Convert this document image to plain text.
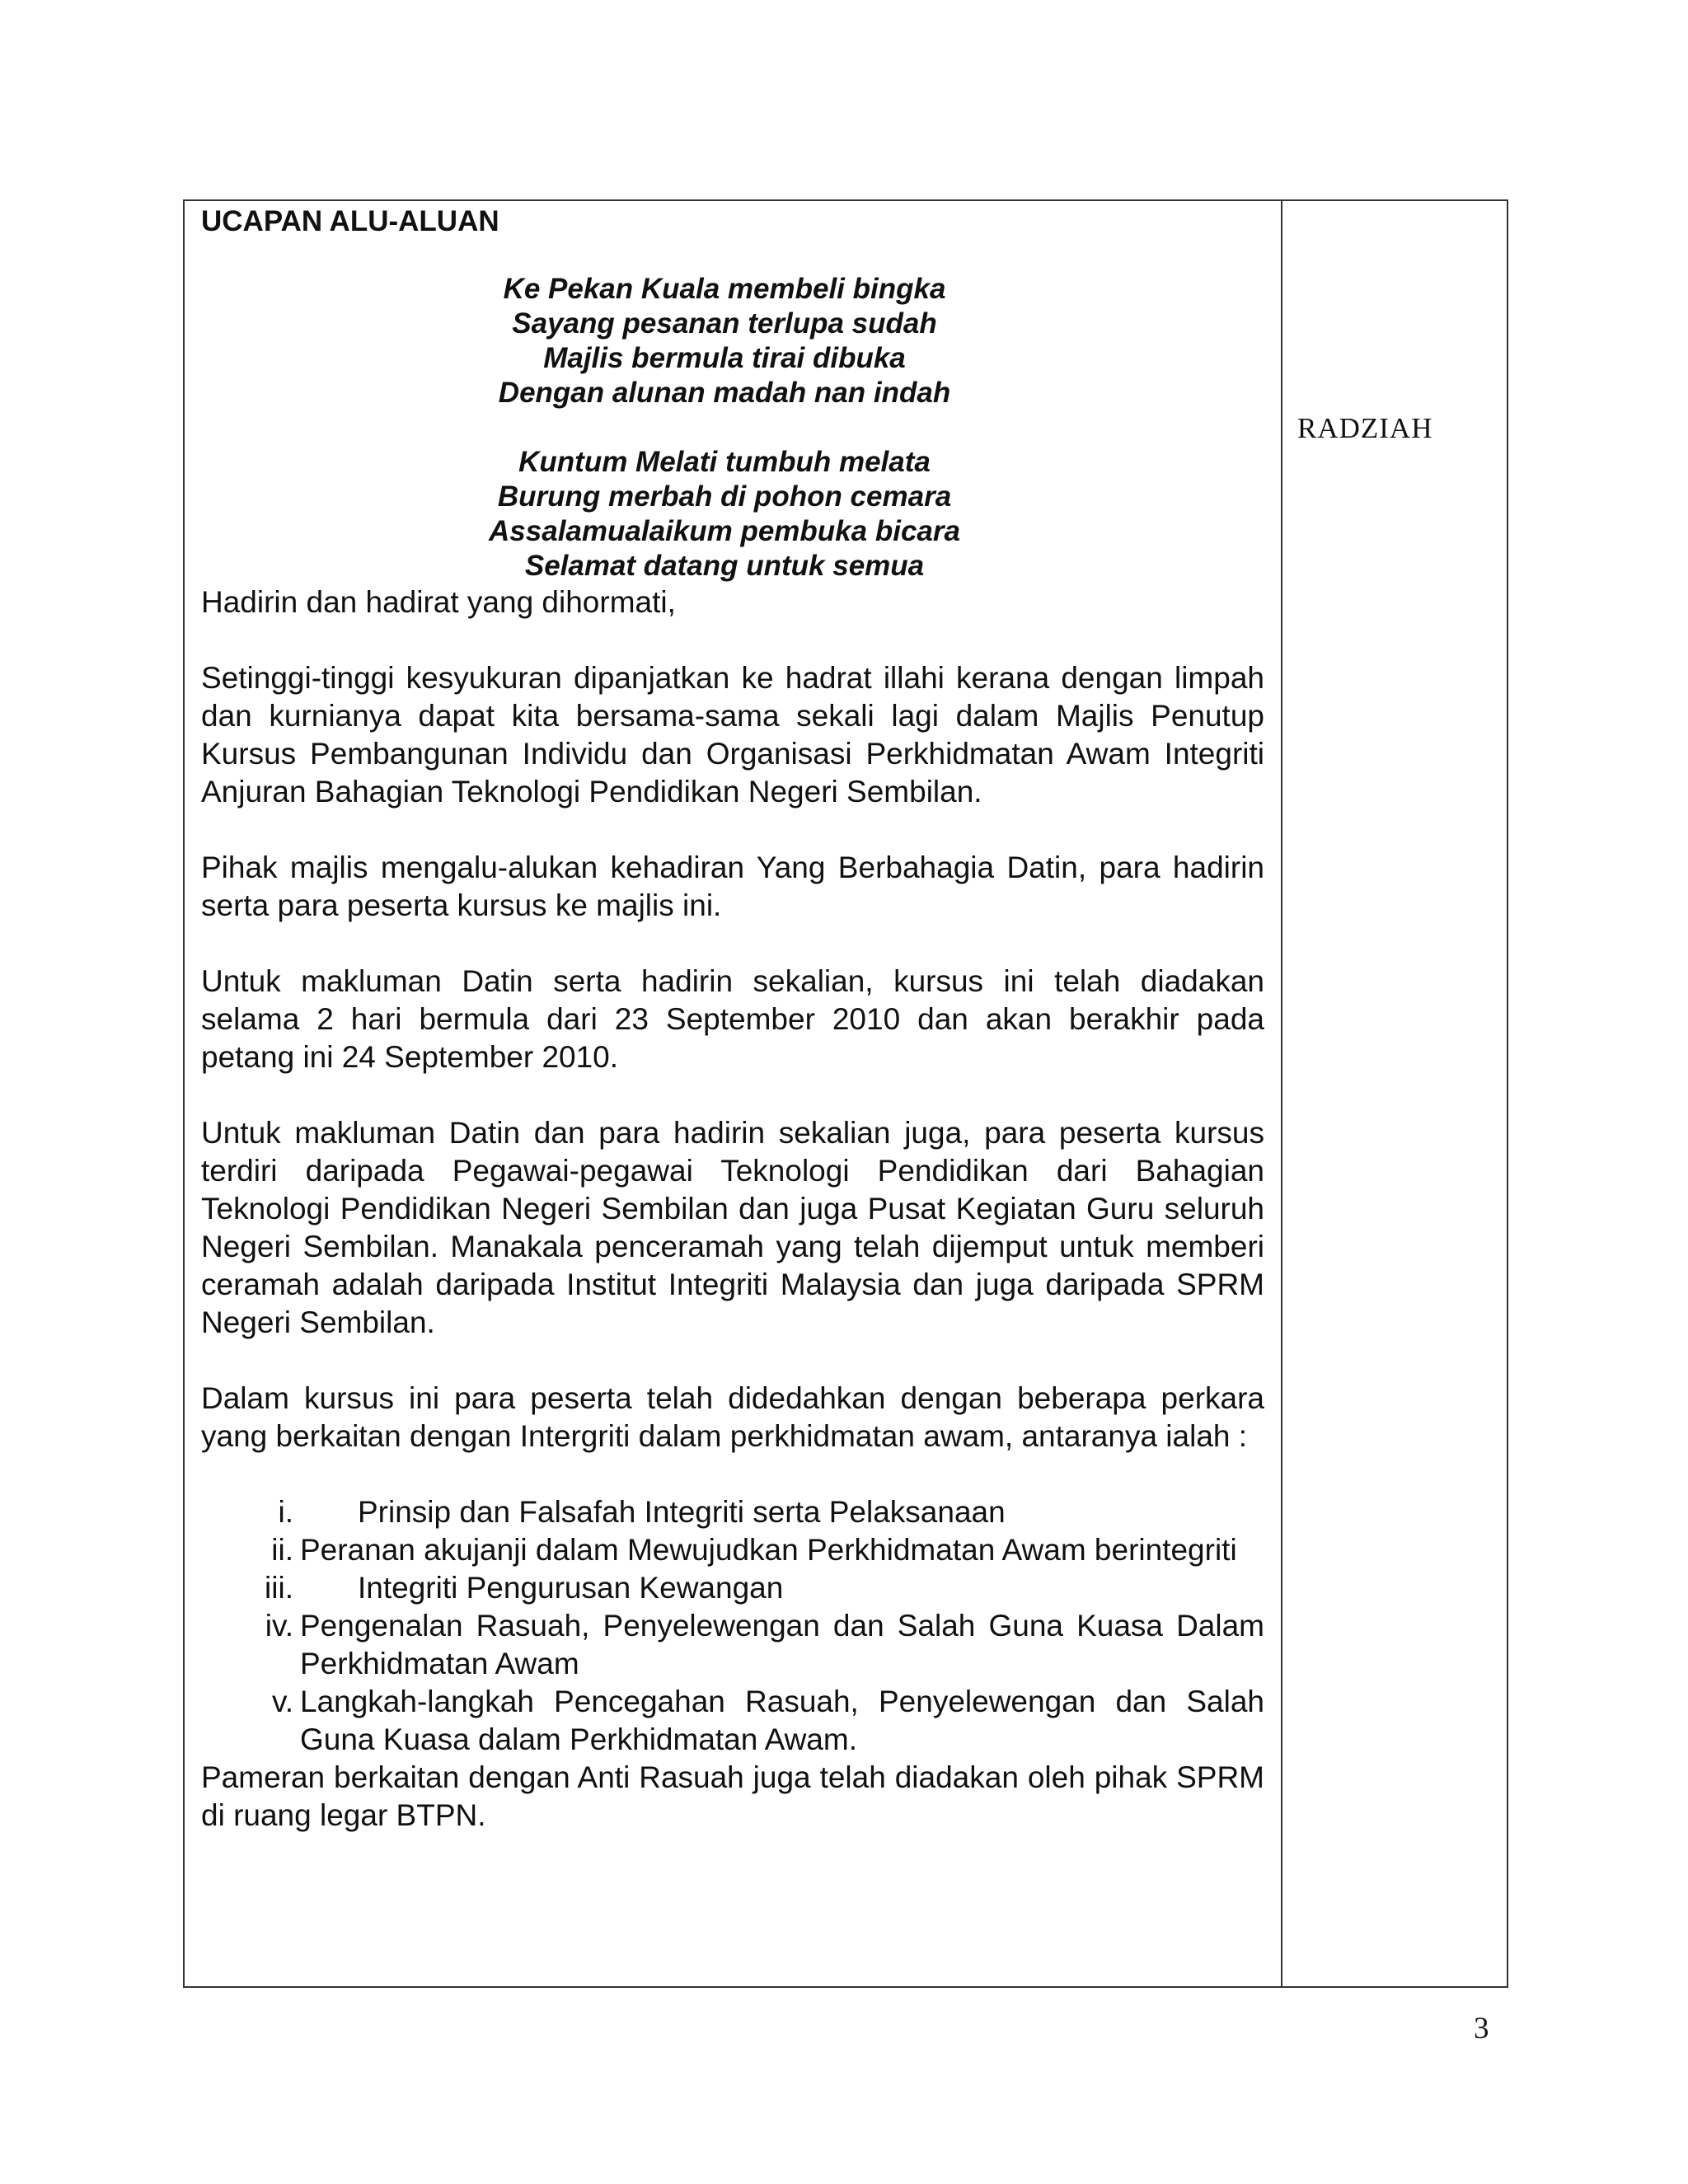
UCAPAN ALU-ALUAN
Ke Pekan Kuala membeli bingka
Sayang pesanan terlupa sudah
Majlis bermula tirai dibuka
Dengan alunan madah nan indah
Kuntum Melati tumbuh melata
Burung merbah di pohon cemara
Assalamualaikum pembuka bicara
Selamat datang untuk semua

Hadirin dan hadirat yang dihormati,

Setinggi-tinggi kesyukuran dipanjatkan ke hadrat illahi kerana dengan limpah dan kurnianya dapat kita bersama-sama sekali lagi dalam Majlis Penutup Kursus Pembangunan Individu dan Organisasi Perkhidmatan Awam Integriti Anjuran Bahagian Teknologi Pendidikan Negeri Sembilan.

Pihak majlis mengalu-alukan kehadiran Yang Berbahagia Datin, para hadirin serta para peserta kursus ke majlis ini.

Untuk makluman Datin serta hadirin sekalian, kursus ini telah diadakan selama 2 hari bermula dari 23 September 2010 dan akan berakhir pada petang ini 24 September 2010.

Untuk makluman Datin dan para hadirin sekalian juga, para peserta kursus terdiri daripada Pegawai-pegawai Teknologi Pendidikan dari Bahagian Teknologi Pendidikan Negeri Sembilan dan juga Pusat Kegiatan Guru seluruh Negeri Sembilan. Manakala penceramah yang telah dijemput untuk memberi ceramah adalah daripada Institut Integriti Malaysia dan juga daripada SPRM Negeri Sembilan.

Dalam kursus ini para peserta telah didedahkan dengan beberapa perkara yang berkaitan dengan Intergriti dalam perkhidmatan awam, antaranya ialah :

i.	Prinsip dan Falsafah Integriti serta Pelaksanaan
ii. Peranan akujanji dalam Mewujudkan Perkhidmatan Awam berintegriti
iii.	Integriti Pengurusan Kewangan
iv. Pengenalan Rasuah, Penyelewengan dan Salah Guna Kuasa Dalam Perkhidmatan Awam
v. Langkah-langkah Pencegahan Rasuah, Penyelewengan dan Salah Guna Kuasa dalam Perkhidmatan Awam.

Pameran berkaitan dengan Anti Rasuah juga telah diadakan oleh pihak SPRM di ruang legar BTPN.

RADZIAH
3
